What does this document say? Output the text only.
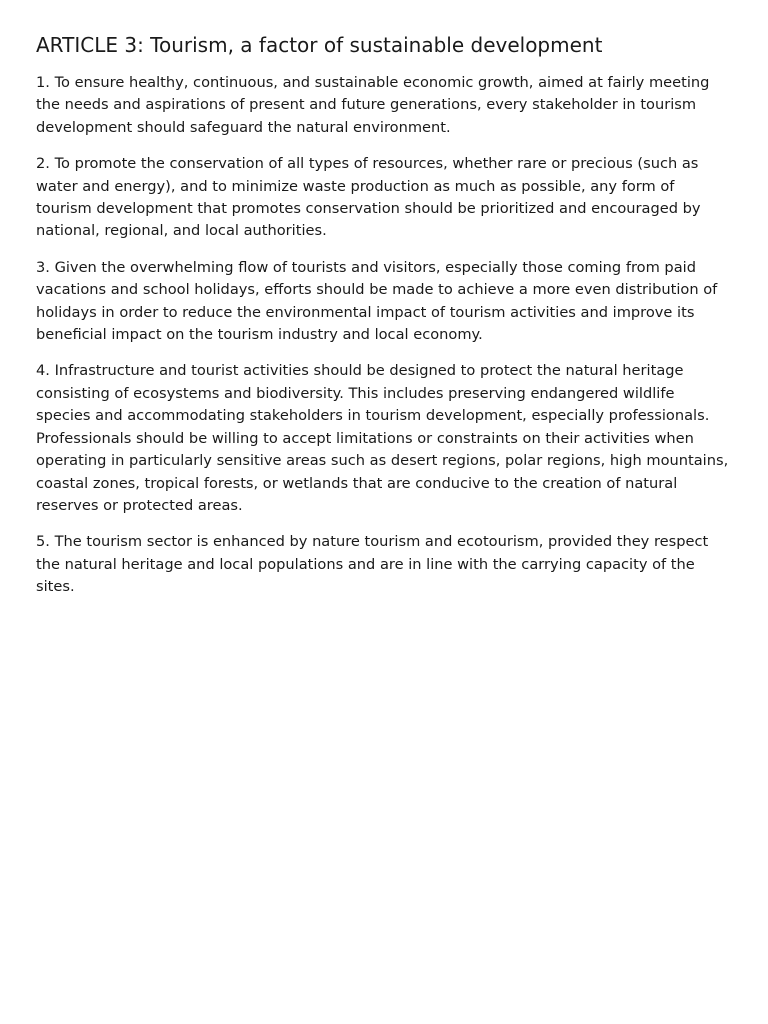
ARTICLE 3: Tourism, a factor of sustainable development

1. To ensure healthy, continuous, and sustainable economic growth, aimed at fairly meeting the needs and aspirations of present and future generations, every stakeholder in tourism development should safeguard the natural environment.

2. To promote the conservation of all types of resources, whether rare or precious (such as water and energy), and to minimize waste production as much as possible, any form of tourism development that promotes conservation should be prioritized and encouraged by national, regional, and local authorities.

3. Given the overwhelming flow of tourists and visitors, especially those coming from paid vacations and school holidays, efforts should be made to achieve a more even distribution of holidays in order to reduce the environmental impact of tourism activities and improve its beneficial impact on the tourism industry and local economy.

4. Infrastructure and tourist activities should be designed to protect the natural heritage consisting of ecosystems and biodiversity. This includes preserving endangered wildlife species and accommodating stakeholders in tourism development, especially professionals. Professionals should be willing to accept limitations or constraints on their activities when operating in particularly sensitive areas such as desert regions, polar regions, high mountains, coastal zones, tropical forests, or wetlands that are conducive to the creation of natural reserves or protected areas.

5. The tourism sector is enhanced by nature tourism and ecotourism, provided they respect the natural heritage and local populations and are in line with the carrying capacity of the sites.
